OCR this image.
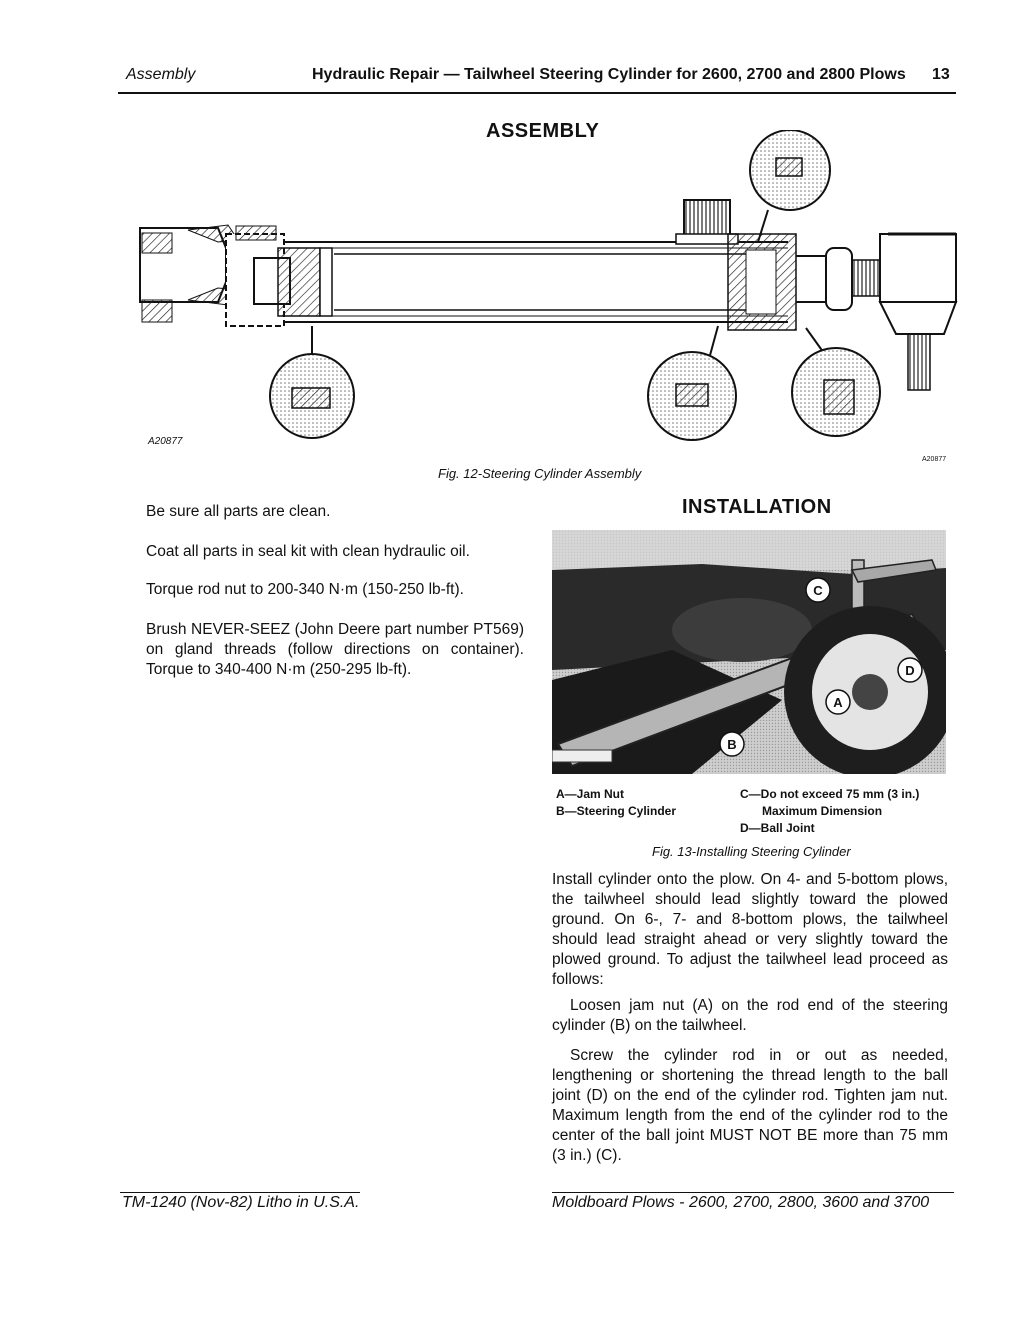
Assembly	Hydraulic Repair — Tailwheel Steering Cylinder for 2600, 2700 and 2800 Plows 13
ASSEMBLY
A20877
A20877
Fig. 12-Steering Cylinder Assembly
Be sure all parts are clean.
Coat all parts in seal kit with clean hydraulic oil.
Torque rod nut to 200-340 N·m (150-250 lb-ft).
Brush NEVER-SEEZ (John Deere part number PT569) on gland threads (follow directions on container). Torque to 340-400 N·m (250-295 lb-ft).
INSTALLATION
C
D
A
B
A—Jam Nut
B—Steering Cylinder
C—Do not exceed 75 mm (3 in.)
Maximum Dimension
D—Ball Joint
Fig. 13-Installing Steering Cylinder
Install cylinder onto the plow. On 4- and 5-bottom plows, the tailwheel should lead slightly toward the plowed ground. On 6-, 7- and 8-bottom plows, the tailwheel should lead straight ahead or very slightly toward the plowed ground. To adjust the tailwheel lead proceed as follows:
Loosen jam nut (A) on the rod end of the steering cylinder (B) on the tailwheel.
Screw the cylinder rod in or out as needed, lengthening or shortening the thread length to the ball joint (D) on the end of the cylinder rod. Tighten jam nut. Maximum length from the end of the cylinder rod to the center of the ball joint MUST NOT BE more than 75 mm (3 in.) (C).
TM-1240 (Nov-82) Litho in U.S.A.	Moldboard Plows - 2600, 2700, 2800, 3600 and 3700
